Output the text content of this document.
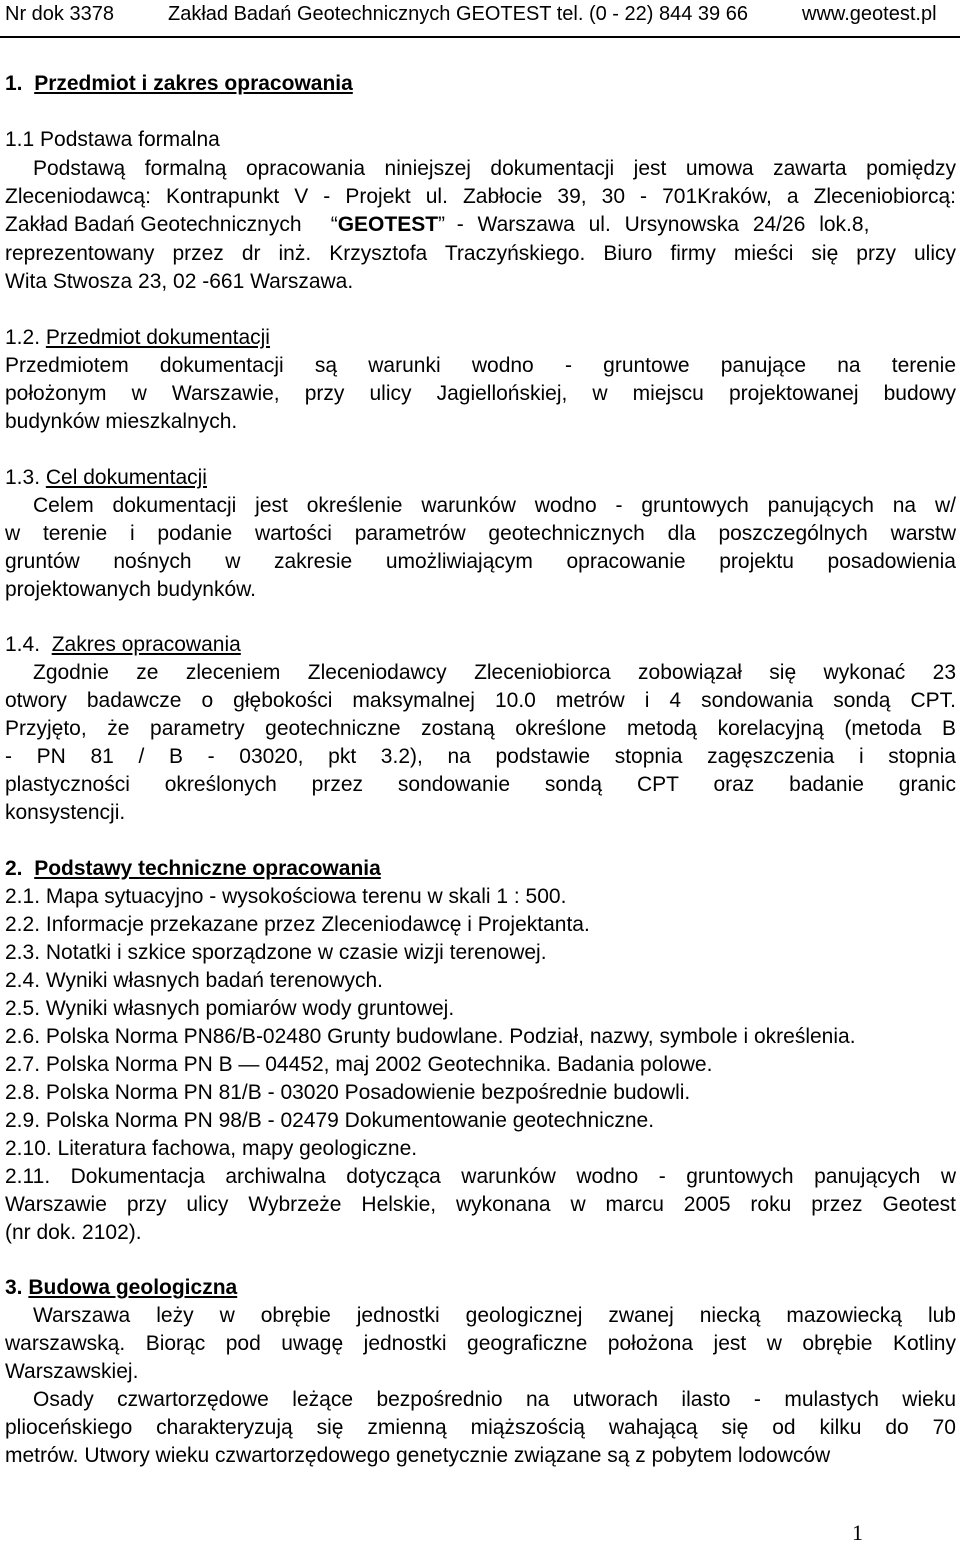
Nr dok 3378	Zakład Badań Geotechnicznych GEOTEST tel. (0 - 22) 844 39 66	www.geotest.pl
1. Przedmiot i zakres opracowania
1.1 Podstawa formalna
Podstawą formalną opracowania niniejszej dokumentacji jest umowa zawarta pomiędzy
Zleceniodawcą: Kontrapunkt V - Projekt ul. Zabłocie 39, 30 - 701Kraków, a Zleceniobiorcą:
Zakład Badań Geotechnicznych     “GEOTEST”  - Warszawa ul. Ursynowska 24/26 lok.8,
reprezentowany przez dr inż. Krzysztofa Traczyńskiego. Biuro firmy mieści się przy ulicy
Wita Stwosza 23, 02 -661 Warszawa.
1.2. Przedmiot dokumentacji
Przedmiotem dokumentacji są warunki wodno - gruntowe panujące na terenie
położonym w Warszawie, przy ulicy Jagiellońskiej, w miejscu projektowanej budowy
budynków mieszkalnych.
1.3. Cel dokumentacji
Celem dokumentacji jest określenie warunków wodno - gruntowych panujących na w/
w terenie i podanie wartości parametrów geotechnicznych dla poszczególnych warstw
gruntów nośnych w zakresie umożliwiającym opracowanie projektu posadowienia
projektowanych budynków.
1.4. Zakres opracowania
Zgodnie ze zleceniem Zleceniodawcy Zleceniobiorca zobowiązał się wykonać 23
otwory badawcze o głębokości maksymalnej 10.0 metrów i 4 sondowania sondą CPT.
Przyjęto, że parametry geotechniczne zostaną określone metodą korelacyjną (metoda B
- PN 81 / B - 03020, pkt 3.2), na podstawie stopnia zagęszczenia i stopnia
plastyczności określonych przez sondowanie sondą CPT oraz badanie granic
konsystencji.
2. Podstawy techniczne opracowania
2.1. Mapa sytuacyjno - wysokościowa terenu w skali 1 : 500.
2.2. Informacje przekazane przez Zleceniodawcę i Projektanta.
2.3. Notatki i szkice sporządzone w czasie wizji terenowej.
2.4. Wyniki własnych badań terenowych.
2.5. Wyniki własnych pomiarów wody gruntowej.
2.6. Polska Norma PN86/B-02480 Grunty budowlane. Podział, nazwy, symbole i określenia.
2.7. Polska Norma PN B — 04452, maj 2002 Geotechnika. Badania polowe.
2.8. Polska Norma PN 81/B - 03020 Posadowienie bezpośrednie budowli.
2.9. Polska Norma PN 98/B - 02479 Dokumentowanie geotechniczne.
2.10. Literatura fachowa, mapy geologiczne.
2.11. Dokumentacja archiwalna dotycząca warunków wodno - gruntowych panujących w
Warszawie przy ulicy Wybrzeże Helskie, wykonana w marcu 2005 roku przez Geotest
(nr dok. 2102).
3. Budowa geologiczna
Warszawa leży w obrębie jednostki geologicznej zwanej niecką mazowiecką lub
warszawską. Biorąc pod uwagę jednostki geograficzne położona jest w obrębie Kotliny
Warszawskiej.
Osady czwartorzędowe leżące bezpośrednio na utworach ilasto - mulastych wieku
plioceńskiego charakteryzują się zmienną miąższością wahającą się od kilku do 70
metrów. Utwory wieku czwartorzędowego genetycznie związane są z pobytem lodowców
1
